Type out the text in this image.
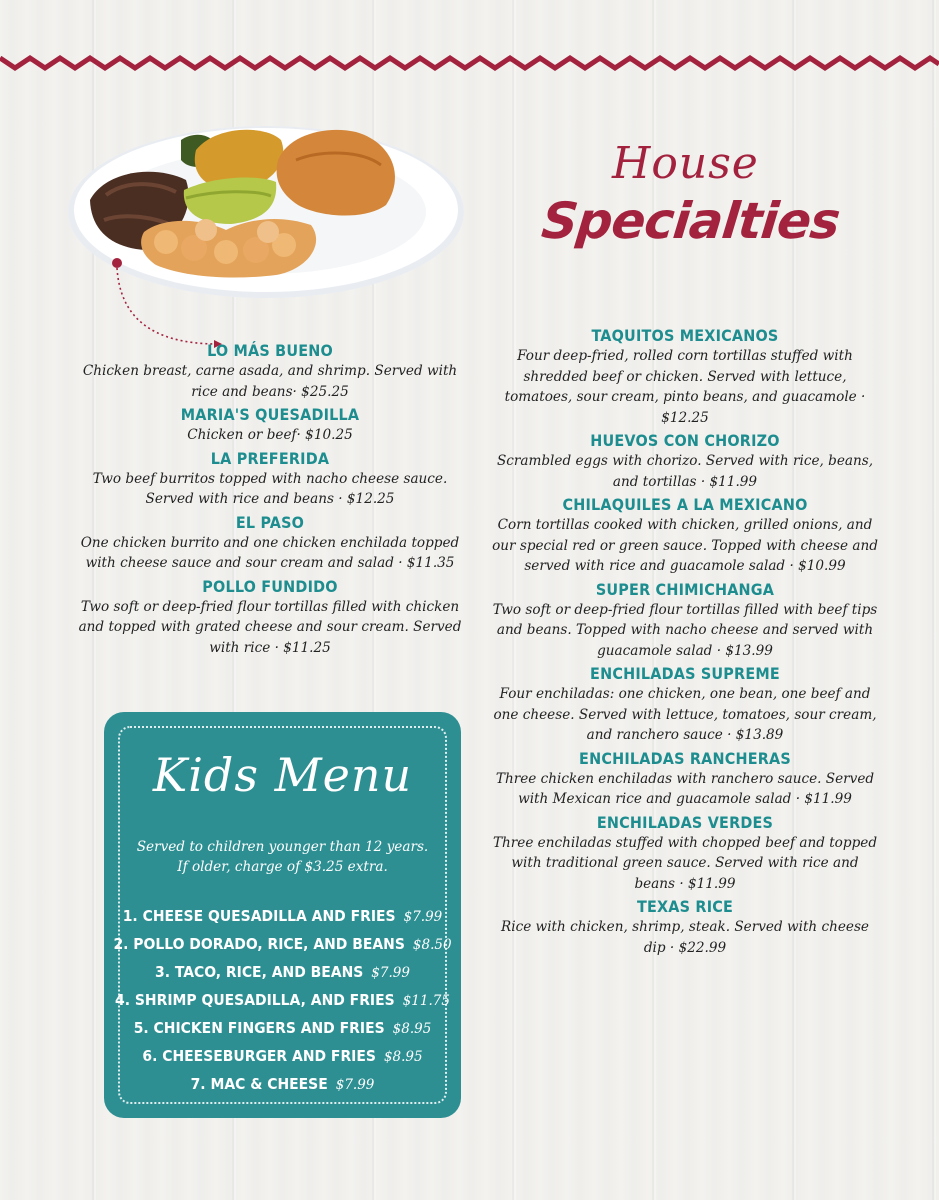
House
Specialties
LO MÁS BUENO
Chicken breast, carne asada, and shrimp. Served with rice and beans· $25.25
MARIA'S QUESADILLA
Chicken or beef· $10.25
LA PREFERIDA
Two beef burritos topped with nacho cheese sauce. Served with rice and beans · $12.25
EL PASO
One chicken burrito and one chicken enchilada topped with cheese sauce and sour cream and salad · $11.35
POLLO FUNDIDO
Two soft or deep-fried flour tortillas filled with chicken and topped with grated cheese and sour cream. Served with rice · $11.25
TAQUITOS MEXICANOS
Four deep-fried, rolled corn tortillas stuffed with shredded beef or chicken. Served with lettuce, tomatoes, sour cream, pinto beans, and guacamole · $12.25
HUEVOS CON CHORIZO
Scrambled eggs with chorizo. Served with rice, beans, and tortillas · $11.99
CHILAQUILES A LA MEXICANO
Corn tortillas cooked with chicken, grilled onions, and our special red or green sauce. Topped with cheese and served with rice and guacamole salad · $10.99
SUPER CHIMICHANGA
Two soft or deep-fried flour tortillas filled with beef tips and beans. Topped with nacho cheese and served with guacamole salad · $13.99
ENCHILADAS SUPREME
Four enchiladas: one chicken, one bean, one beef and one cheese. Served with lettuce, tomatoes, sour cream, and ranchero sauce · $13.89
ENCHILADAS RANCHERAS
Three chicken enchiladas with ranchero sauce. Served with Mexican rice and guacamole salad · $11.99
ENCHILADAS VERDES
Three enchiladas stuffed with chopped beef and topped with traditional green sauce. Served with rice and beans · $11.99
TEXAS RICE
Rice with chicken, shrimp, steak. Served with cheese dip · $22.99
Kids Menu
Served to children younger than 12 years.
If older, charge of $3.25 extra.
1. CHEESE QUESADILLA AND FRIES $7.99
2. POLLO DORADO, RICE, AND BEANS $8.50
3. TACO, RICE, AND BEANS $7.99
4. SHRIMP QUESADILLA, AND FRIES $11.75
5. CHICKEN FINGERS AND FRIES $8.95
6. CHEESEBURGER AND FRIES $8.95
7. MAC & CHEESE $7.99
